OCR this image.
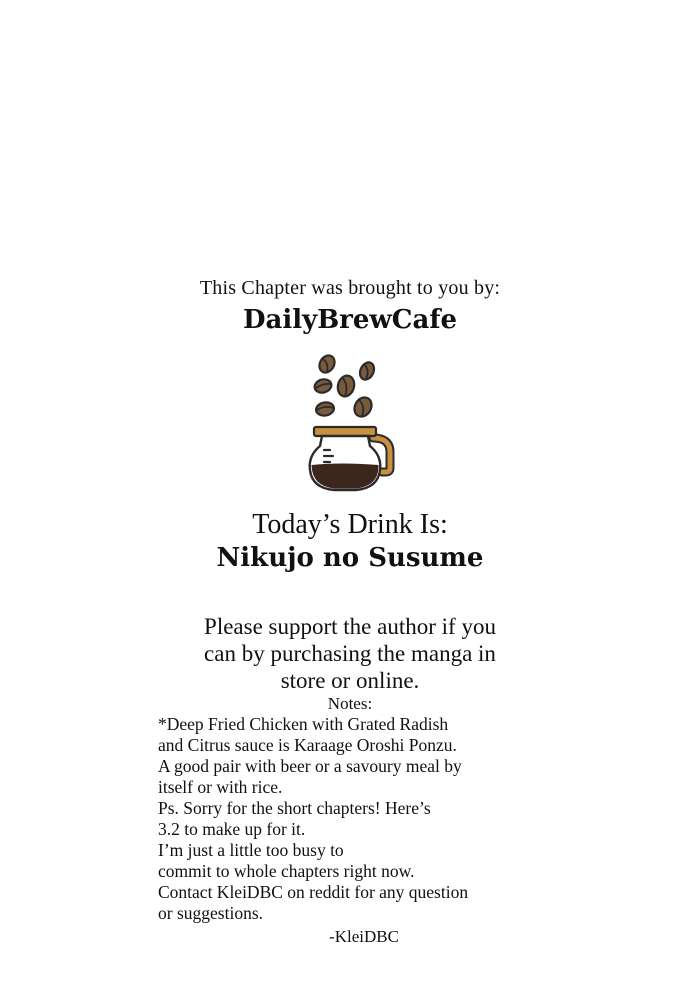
This Chapter was brought to you by:
DailyBrewCafe
Today’s Drink Is:
Nikujo no Susume
Please support the author if you
can by purchasing the manga in
store or online.
Notes:
*Deep Fried Chicken with Grated Radish
and Citrus sauce is Karaage Oroshi Ponzu.
A good pair with beer or a savoury meal by
itself or with rice.
Ps. Sorry for the short chapters! Here’s
3.2 to make up for it.
I’m just a little too busy to
commit to whole chapters right now.
Contact KleiDBC on reddit for any question
or suggestions.
-KleiDBC
